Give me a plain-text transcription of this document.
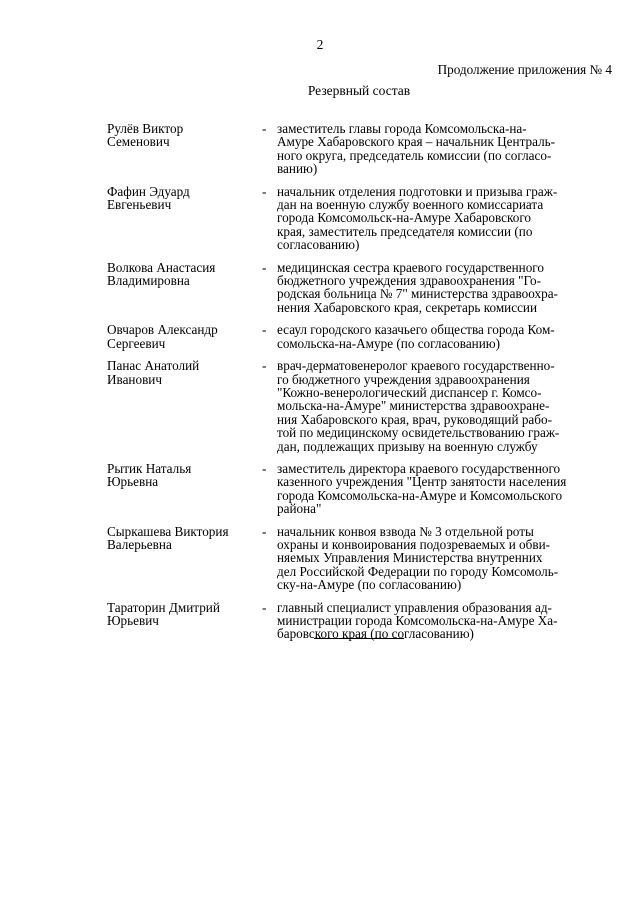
2
Продолжение приложения № 4
Резервный состав
Рулёв Виктор
Семенович
- заместитель главы города Комсомольска-на-
Амуре Хабаровского края – начальник Централь-
ного округа, председатель комиссии (по согласо-
ванию)
Фафин Эдуард
Евгеньевич
- начальник отделения подготовки и призыва граж-
дан на военную службу военного комиссариата
города Комсомольск-на-Амуре Хабаровского
края, заместитель председателя комиссии (по
согласованию)
Волкова Анастасия
Владимировна
- медицинская сестра краевого государственного
бюджетного учреждения здравоохранения "Го-
родская больница № 7" министерства здравоохра-
нения Хабаровского края, секретарь комиссии
Овчаров Александр
Сергеевич
- есаул городского казачьего общества города Ком-
сомольска-на-Амуре (по согласованию)
Панас Анатолий
Иванович
- врач-дерматовенеролог краевого государственно-
го бюджетного учреждения здравоохранения
"Кожно-венерологический диспансер г. Комсо-
мольска-на-Амуре" министерства здравоохране-
ния Хабаровского края, врач, руководящий рабо-
той по медицинскому освидетельствованию граж-
дан, подлежащих призыву на военную службу
Рытик Наталья
Юрьевна
- заместитель директора краевого государственного
казенного учреждения "Центр занятости населения
города Комсомольска-на-Амуре и Комсомольского
района"
Сыркашева Виктория
Валерьевна
- начальник конвоя взвода № 3 отдельной роты
охраны и конвоирования подозреваемых и обви-
няемых Управления Министерства внутренних
дел Российской Федерации по городу Комсомоль-
ску-на-Амуре (по согласованию)
Тараторин Дмитрий
Юрьевич
- главный специалист управления образования ад-
министрации города Комсомольска-на-Амуре Ха-
баровского края (по согласованию)
